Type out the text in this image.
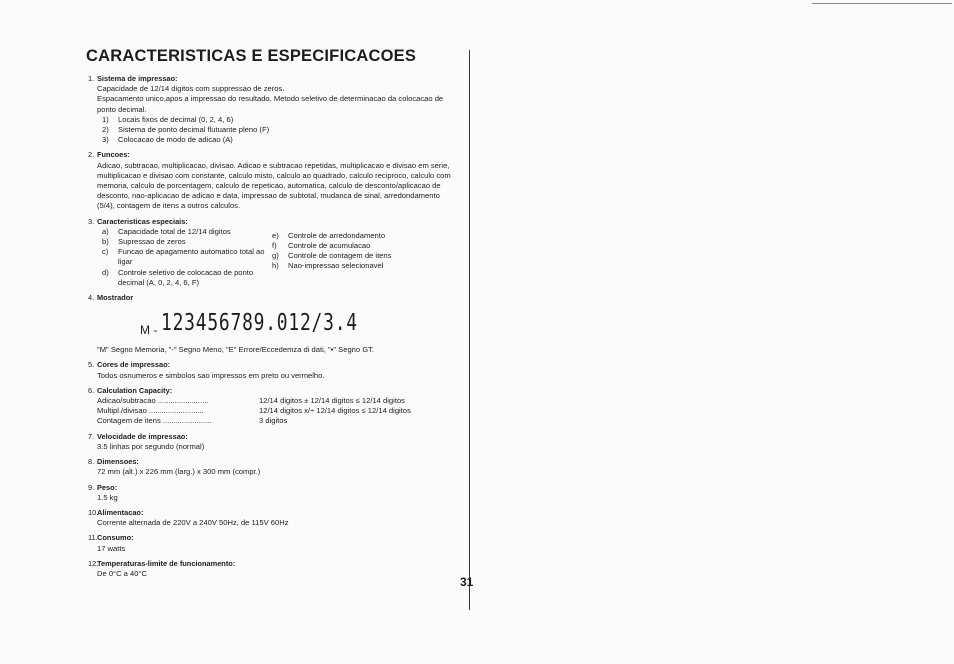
CARACTERISTICAS E ESPECIFICACOES
1. Sistema de impressao:
Capacidade de 12/14 digitos com suppressao de zeros.
Espacamento unico,apos a impressao do resultado. Metodo seletivo de determinacao da colocacao de ponto decimal.
1)	Locais fixos de decimal (0, 2, 4, 6)
2)	Sistema de ponto decimal flutuante pleno (F)
3)	Colocacao de modo de adicao (A)
2. Funcoes:
Adicao, subtracao, multiplicacao, divisao. Adicao e subtracao repetidas, multiplicacao e divisao em serie, multiplicacao e divisao com constante, calculo misto, calculo ao quadrado, calculo reciproco, calculo com memoria, calculo de porcentagem, calculo de repeticao, automatica, calculo de desconto/aplicacao de desconto, nao-aplicacao de adicao e data, impressao de subtotal, mudanca de sinal, arredondamento (5/4), contagem de itens a outros calculos.
3. Caracteristicas especiais:
a)	Capacidade total de 12/14 digitos
b)	Supressao de zeros
c)	Funcao de apagamento automatico total ao ligar
d)	Controle seletivo de colocacao de ponto decimal (A, 0, 2, 4, 6, F)
e)	Controle de arredondamento
f)	Controle de acumulacao
g)	Controle de contagem de itens
h)	Nao-impressao selecionavel
4. Mostrador
M - 123456789.012/3.4
"M" Segno Memoria, "-" Segno Meno, "E" Errore/Eccedemza di dati, "•" Segno GT.
5. Cores de impressao:
Todos osnumeros e simbolos sao impressos em preto ou vermelho.
6. Calculation Capacity:
Adicao/subtracao ........................	12/14 digitos ± 12/14 digitos ≤ 12/14 digitos
Multipl./divisao ..........................	12/14 digitos x/÷ 12/14 digitos ≤ 12/14 digitos
Contagem de itens .......................	3 digitos
7. Velocidade de impressao:
3.5 linhas por segundo (normal)
8. Dimensoes:
72 mm (alt.) x 226 mm (larg.) x 300 mm (compr.)
9. Peso:
1.5 kg
10.Alimentacao:
Corrente alternada de 220V a 240V 50Hz, de 115V 60Hz
11.Consumo:
17 watts
12.Temperaturas-limite de funcionamento:
De 0°C a 40°C
31
